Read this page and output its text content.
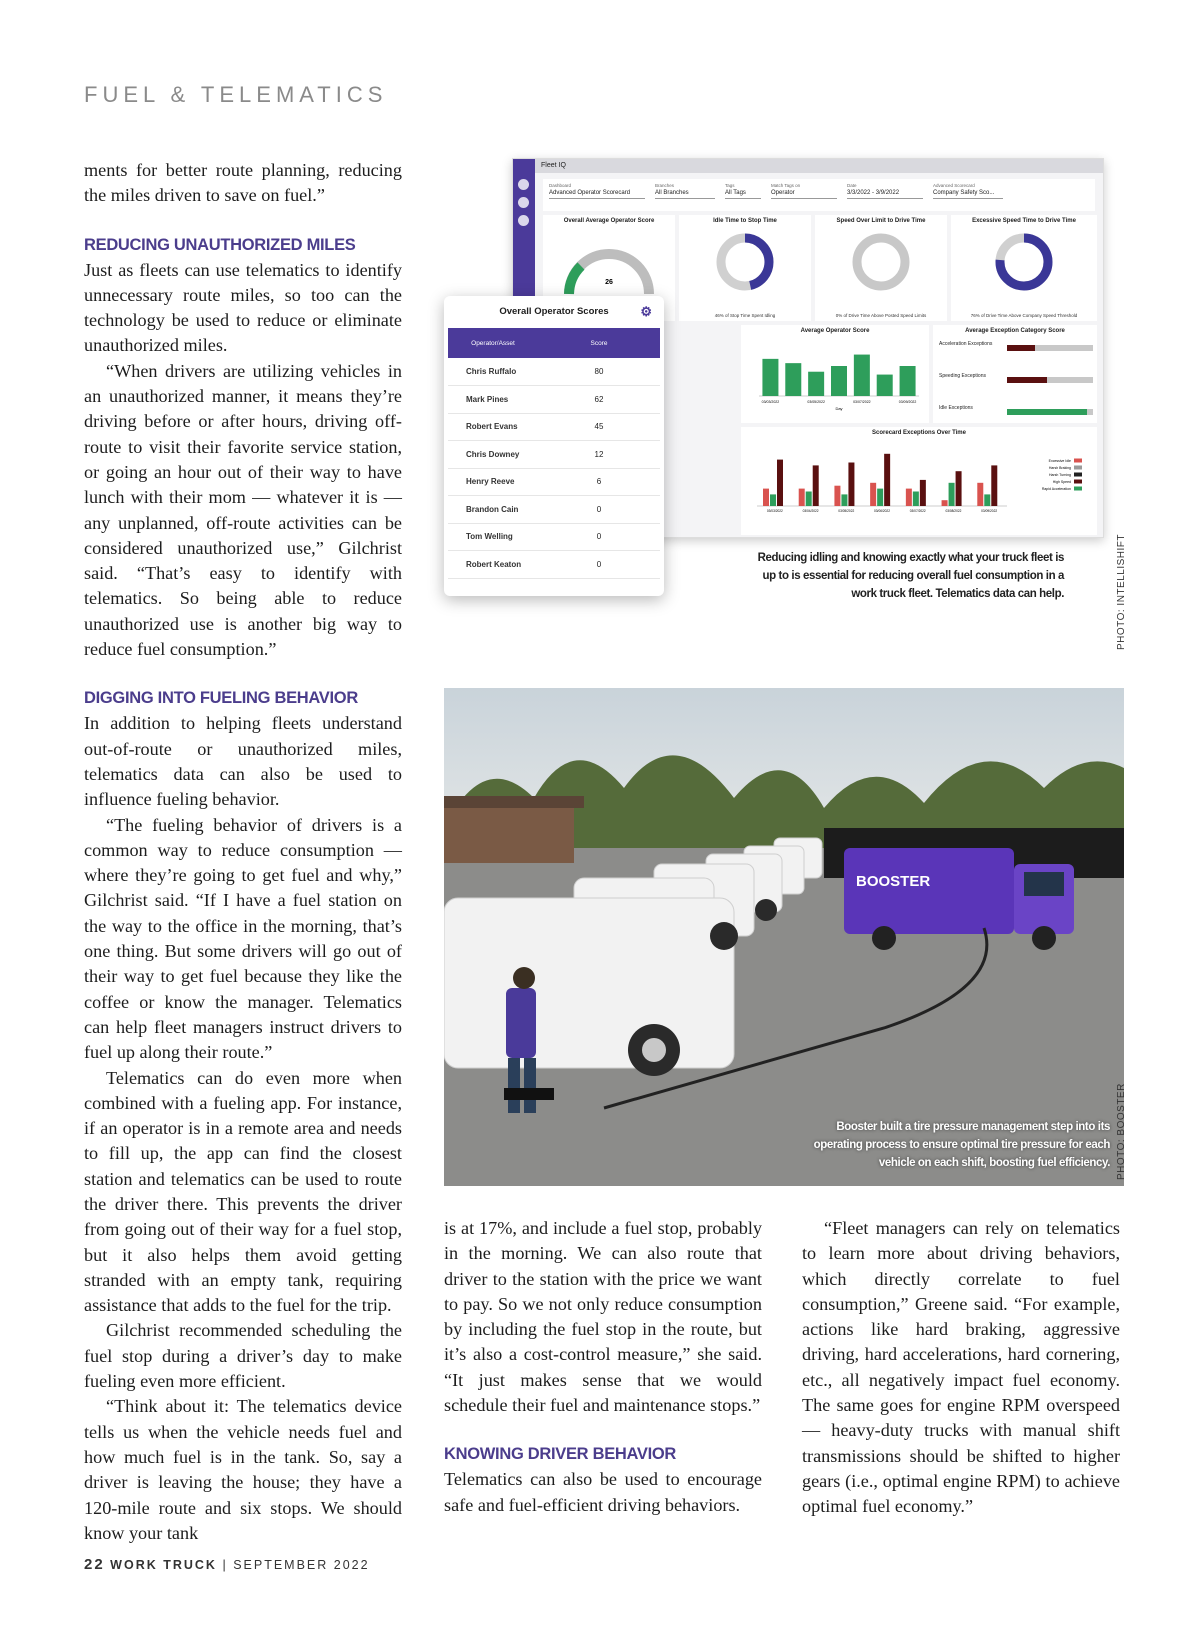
FUEL & TELEMATICS

ments for better route planning, reducing the miles driven to save on fuel.”

REDUCING UNAUTHORIZED MILES

Just as fleets can use telematics to identify unnecessary route miles, so too can the technology be used to reduce or eliminate unauthorized miles.

“When drivers are utilizing vehicles in an unauthorized manner, it means they’re driving before or after hours, driving off-route to visit their favorite service station, or going an hour out of their way to have lunch with their mom — whatever it is — any unplanned, off-route activities can be considered unauthorized use,” Gilchrist said. “That’s easy to identify with telematics. So being able to reduce unauthorized use is another big way to reduce fuel consumption.”

DIGGING INTO FUELING BEHAVIOR

In addition to helping fleets understand out-of-route or unauthorized miles, telematics data can also be used to influence fueling behavior.

“The fueling behavior of drivers is a common way to reduce consumption — where they’re going to get fuel and why,” Gilchrist said. “If I have a fuel station on the way to the office in the morning, that’s one thing. But some drivers will go out of their way to get fuel because they like the coffee or know the manager. Telematics can help fleet managers instruct drivers to fuel up along their route.”

Telematics can do even more when combined with a fueling app. For instance, if an operator is in a remote area and needs to fill up, the app can find the closest station and telematics can be used to route the driver there. This prevents the driver from going out of their way for a fuel stop, but it also helps them avoid getting stranded with an empty tank, requiring assistance that adds to the fuel for the trip.

Gilchrist recommended scheduling the fuel stop during a driver’s day to make fueling even more efficient.

“Think about it: The telematics device tells us when the vehicle needs fuel and how much fuel is in the tank. So, say a driver is leaving the house; they have a 120-mile route and six stops. We should know your tank

Fleet IQ
Dashboard
Advanced Operator Scorecard
Branches
All Branches
Tags
All Tags
Match Tags on
Operator
Date
3/3/2022 - 3/9/2022
Advanced Scorecard
Company Safety Sco...
Overall Average Operator Score
26
Idle Time to Stop Time
46% of Stop Time Spent Idling
Speed Over Limit to Drive Time
0% of Drive Time Above Posted Speed Limits
Excessive Speed Time to Drive Time
76% of Drive Time Above Company Speed Threshold
Average Operator Score
03/03/2022	03/05/2022	03/07/2022	03/09/2022
Day
Average Exception Category Score
Acceleration Exceptions
Speeding Exceptions
Idle Exceptions
Scorecard Exceptions Over Time
03/03/2022	03/04/2022	03/05/2022	03/06/2022	03/07/2022	03/08/2022	03/09/2022
Excessive Idle
Harsh Braking
Harsh Turning
High Speed
Rapid Acceleration
Overall Operator Scores ⚙
Operator/Asset	Score
Chris Ruffalo	80
Mark Pines	62
Robert Evans	45
Chris Downey	12
Henry Reeve	6
Brandon Cain	0
Tom Welling	0
Robert Keaton	0
Reducing idling and knowing exactly what your truck fleet is up to is essential for reducing overall fuel consumption in a work truck fleet. Telematics data can help.	PHOTO: INTELLISHIFT
BOOSTER
Booster built a tire pressure management step into its operating process to ensure optimal tire pressure for each vehicle on each shift, boosting fuel efficiency. PHOTO: BOOSTER

is at 17%, and include a fuel stop, probably in the morning. We can also route that driver to the station with the price we want to pay. So we not only reduce consumption by including the fuel stop in the route, but it’s also a cost-control measure,” she said. “It just makes sense that we would schedule their fuel and maintenance stops.”

KNOWING DRIVER BEHAVIOR

Telematics can also be used to encourage safe and fuel-efficient driving behaviors.

“Fleet managers can rely on telematics to learn more about driving behaviors, which directly correlate to fuel consumption,” Greene said. “For example, actions like hard braking, aggressive driving, hard accelerations, hard cornering, etc., all negatively impact fuel economy. The same goes for engine RPM overspeed — heavy-duty trucks with manual shift transmissions should be shifted to higher gears (i.e., optimal engine RPM) to achieve optimal fuel economy.”

22 WORK TRUCK | SEPTEMBER 2022
